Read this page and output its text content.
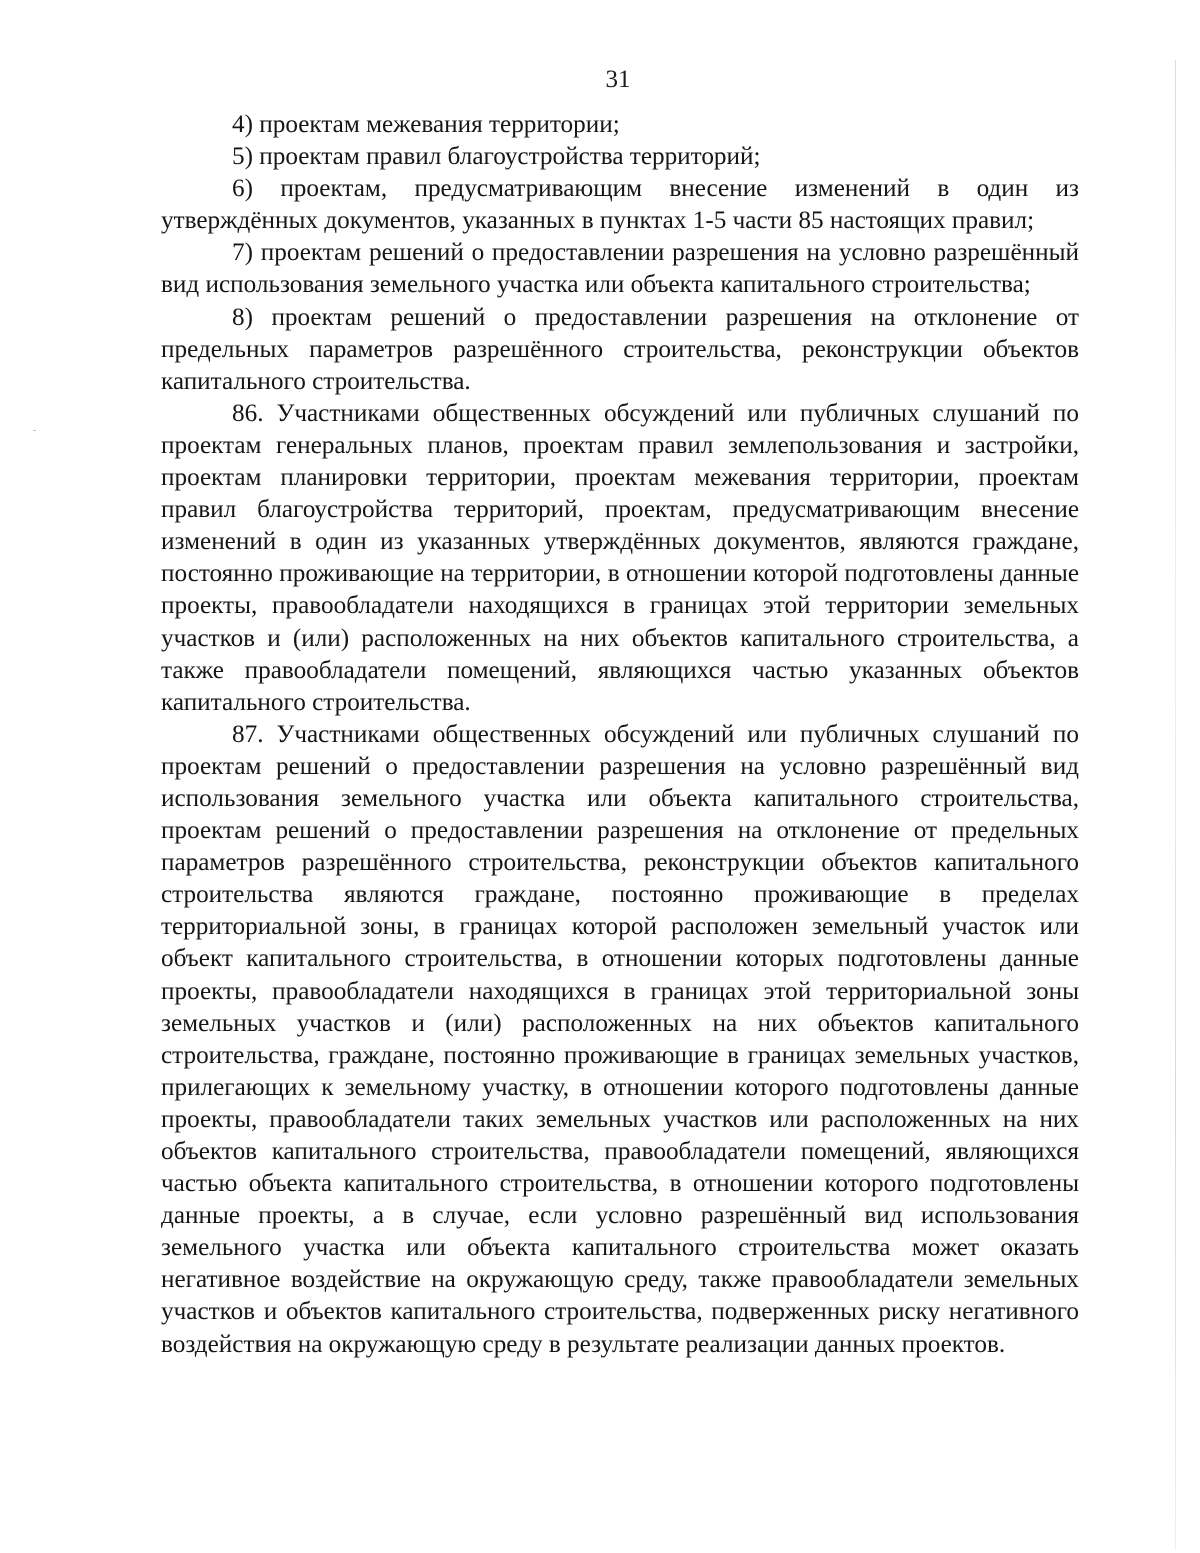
31

4) проектам межевания территории;

5) проектам правил благоустройства территорий;

6) проектам, предусматривающим внесение изменений в один из утверждённых документов, указанных в пунктах 1-5 части 85 настоящих правил;

7) проектам решений о предоставлении разрешения на условно разрешённый вид использования земельного участка или объекта капитального строительства;

8) проектам решений о предоставлении разрешения на отклонение от предельных параметров разрешённого строительства, реконструкции объектов капитального строительства.

86. Участниками общественных обсуждений или публичных слушаний по проектам генеральных планов, проектам правил землепользования и застройки, проектам планировки территории, проектам межевания территории, проектам правил благоустройства территорий, проектам, предусматривающим внесение изменений в один из указанных утверждённых документов, являются граждане, постоянно проживающие на территории, в отношении которой подготовлены данные проекты, правообладатели находящихся в границах этой территории земельных участков и (или) расположенных на них объектов капитального строительства, а также правообладатели помещений, являющихся частью указанных объектов капитального строительства.

87. Участниками общественных обсуждений или публичных слушаний по проектам решений о предоставлении разрешения на условно разрешённый вид использования земельного участка или объекта капитального строительства, проектам решений о предоставлении разрешения на отклонение от предельных параметров разрешённого строительства, реконструкции объектов капитального строительства являются граждане, постоянно проживающие в пределах территориальной зоны, в границах которой расположен земельный участок или объект капитального строительства, в отношении которых подготовлены данные проекты, правообладатели находящихся в границах этой территориальной зоны земельных участков и (или) расположенных на них объектов капитального строительства, граждане, постоянно проживающие в границах земельных участков, прилегающих к земельному участку, в отношении которого подготовлены данные проекты, правообладатели таких земельных участков или расположенных на них объектов капитального строительства, правообладатели помещений, являющихся частью объекта капитального строительства, в отношении которого подготовлены данные проекты, а в случае, если условно разрешённый вид использования земельного участка или объекта капитального строительства может оказать негативное воздействие на окружающую среду, также правообладатели земельных участков и объектов капитального строительства, подверженных риску негативного воздействия на окружающую среду в результате реализации данных проектов.
